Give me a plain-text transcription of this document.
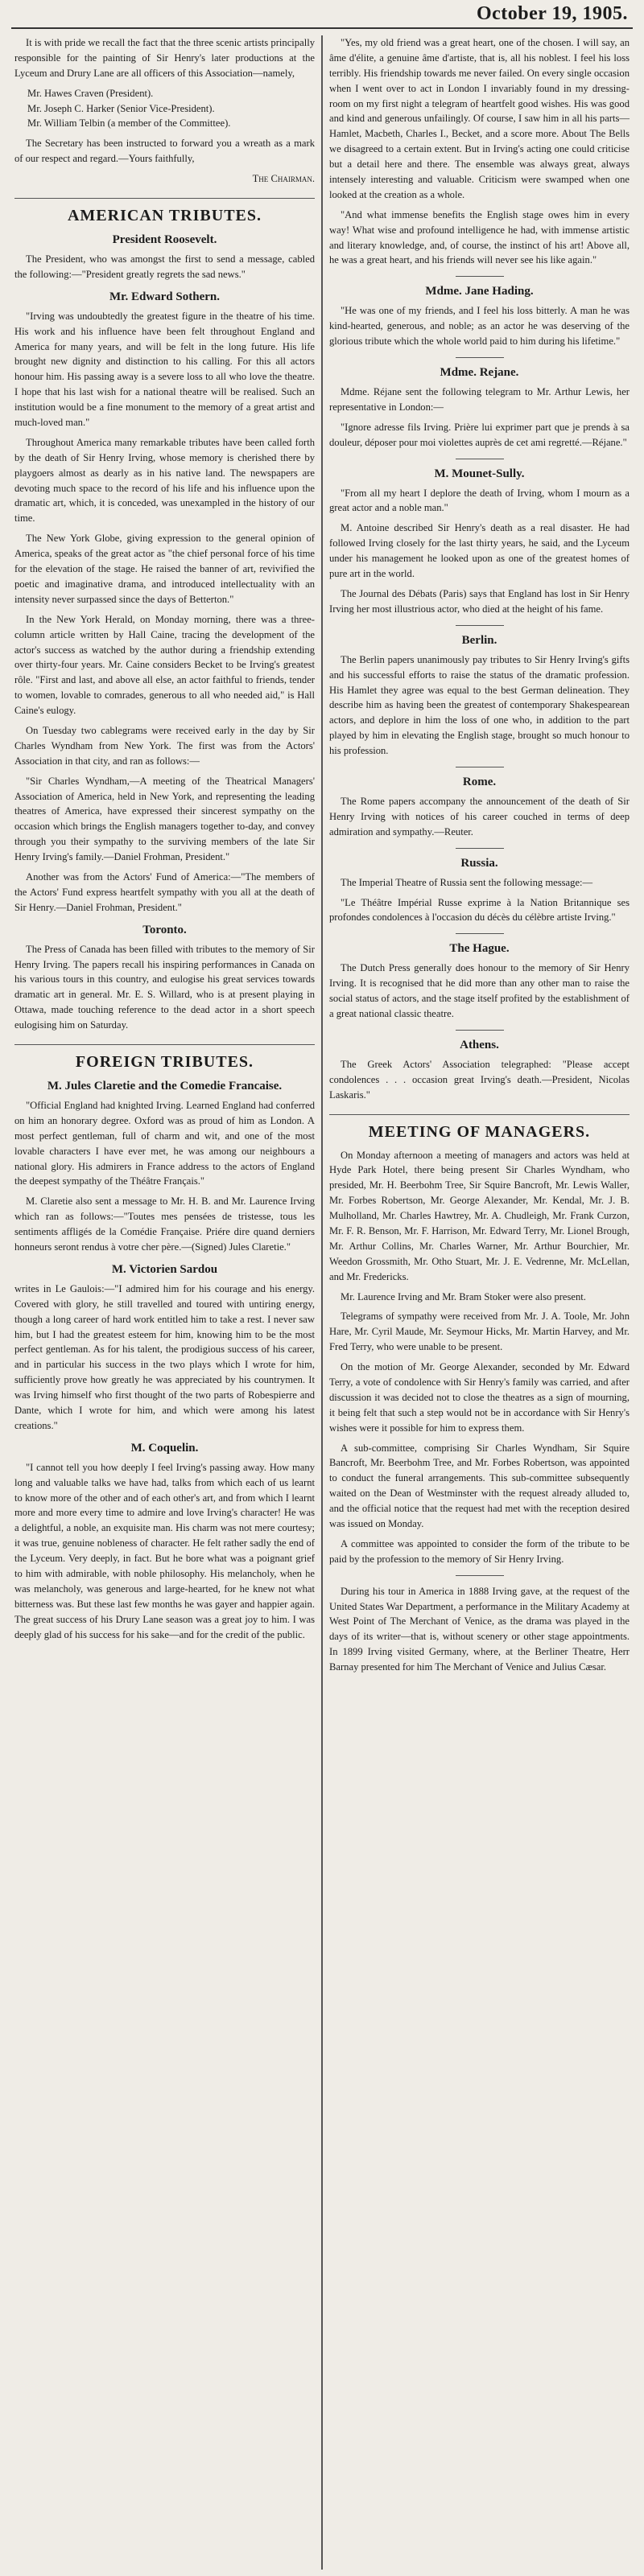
October 19, 1905.

It is with pride we recall the fact that the three scenic artists principally responsible for the painting of Sir Henry's later productions at the Lyceum and Drury Lane are all officers of this Association—namely,

Mr. Hawes Craven (President).
Mr. Joseph C. Harker (Senior Vice-President).
Mr. William Telbin (a member of the Committee).

The Secretary has been instructed to forward you a wreath as a mark of our respect and regard.—Yours faithfully,

The Chairman.
AMERICAN TRIBUTES.
President Roosevelt.

The President, who was amongst the first to send a message, cabled the following:—"President greatly regrets the sad news."

Mr. Edward Sothern.

"Irving was undoubtedly the greatest figure in the theatre of his time. His work and his influence have been felt throughout England and America for many years, and will be felt in the long future. His life brought new dignity and distinction to his calling. For this all actors honour him. His passing away is a severe loss to all who love the theatre. I hope that his last wish for a national theatre will be realised. Such an institution would be a fine monument to the memory of a great artist and much-loved man."

Throughout America many remarkable tributes have been called forth by the death of Sir Henry Irving, whose memory is cherished there by playgoers almost as dearly as in his native land. The newspapers are devoting much space to the record of his life and his influence upon the dramatic art, which, it is conceded, was unexampled in the history of our time.

The New York Globe, giving expression to the general opinion of America, speaks of the great actor as "the chief personal force of his time for the elevation of the stage. He raised the banner of art, revivified the poetic and imaginative drama, and introduced intellectuality with an intensity never surpassed since the days of Betterton."

In the New York Herald, on Monday morning, there was a three-column article written by Hall Caine, tracing the development of the actor's success as watched by the author during a friendship extending over thirty-four years. Mr. Caine considers Becket to be Irving's greatest rôle. "First and last, and above all else, an actor faithful to friends, tender to women, lovable to comrades, generous to all who needed aid," is Hall Caine's eulogy.

On Tuesday two cablegrams were received early in the day by Sir Charles Wyndham from New York. The first was from the Actors' Association in that city, and ran as follows:—

"Sir Charles Wyndham,—A meeting of the Theatrical Managers' Association of America, held in New York, and representing the leading theatres of America, have expressed their sincerest sympathy on the occasion which brings the English managers together to-day, and convey through you their sympathy to the surviving members of the late Sir Henry Irving's family.—Daniel Frohman, President."

Another was from the Actors' Fund of America:—"The members of the Actors' Fund express heartfelt sympathy with you all at the death of Sir Henry.—Daniel Frohman, President."

Toronto.

The Press of Canada has been filled with tributes to the memory of Sir Henry Irving. The papers recall his inspiring performances in Canada on his various tours in this country, and eulogise his great services towards dramatic art in general. Mr. E. S. Willard, who is at present playing in Ottawa, made touching reference to the dead actor in a short speech eulogising him on Saturday.

FOREIGN TRIBUTES.
M. Jules Claretie and the Comedie Francaise.

"Official England had knighted Irving. Learned England had conferred on him an honorary degree. Oxford was as proud of him as London. A most perfect gentleman, full of charm and wit, and one of the most lovable characters I have ever met, he was among our neighbours a national glory. His admirers in France address to the actors of England the deepest sympathy of the Théâtre Français."

M. Claretie also sent a message to Mr. H. B. and Mr. Laurence Irving which ran as follows:—"Toutes mes pensées de tristesse, tous les sentiments affligés de la Comédie Française. Priére dire quand derniers honneurs seront rendus à votre cher père.—(Signed) Jules Claretie."

M. Victorien Sardou

writes in Le Gaulois:—"I admired him for his courage and his energy. Covered with glory, he still travelled and toured with untiring energy, though a long career of hard work entitled him to take a rest. I never saw him, but I had the greatest esteem for him, knowing him to be the most perfect gentleman. As for his talent, the prodigious success of his career, and in particular his success in the two plays which I wrote for him, sufficiently prove how greatly he was appreciated by his countrymen. It was Irving himself who first thought of the two parts of Robespierre and Dante, which I wrote for him, and which were among his latest creations."

M. Coquelin.

"I cannot tell you how deeply I feel Irving's passing away. How many long and valuable talks we have had, talks from which each of us learnt to know more of the other and of each other's art, and from which I learnt more and more every time to admire and love Irving's character! He was a delightful, a noble, an exquisite man. His charm was not mere courtesy; it was true, genuine nobleness of character. He felt rather sadly the end of the Lyceum. Very deeply, in fact. But he bore what was a poignant grief to him with admirable, with noble philosophy. His melancholy, when he was melancholy, was generous and large-hearted, for he knew not what bitterness was. But these last few months he was gayer and happier again. The great success of his Drury Lane season was a great joy to him. I was deeply glad of his success for his sake—and for the credit of the public.

"Yes, my old friend was a great heart, one of the chosen. I will say, an âme d'élite, a genuine âme d'artiste, that is, all his noblest. I feel his loss terribly. His friendship towards me never failed. On every single occasion when I went over to act in London I invariably found in my dressing-room on my first night a telegram of heartfelt good wishes. His was good and kind and generous unfailingly. Of course, I saw him in all his parts—Hamlet, Macbeth, Charles I., Becket, and a score more. About The Bells we disagreed to a certain extent. But in Irving's acting one could criticise but a detail here and there. The ensemble was always great, always intensely interesting and valuable. Criticism were swamped when one looked at the creation as a whole.

"And what immense benefits the English stage owes him in every way! What wise and profound intelligence he had, with immense artistic and literary knowledge, and, of course, the instinct of his art! Above all, he was a great heart, and his friends will never see his like again."

Mdme. Jane Hading.

"He was one of my friends, and I feel his loss bitterly. A man he was kind-hearted, generous, and noble; as an actor he was deserving of the glorious tribute which the whole world paid to him during his lifetime."

Mdme. Rejane.

Mdme. Réjane sent the following telegram to Mr. Arthur Lewis, her representative in London:—

"Ignore adresse fils Irving. Prière lui exprimer part que je prends à sa douleur, déposer pour moi violettes auprès de cet ami regretté.—Réjane."

M. Mounet-Sully.

"From all my heart I deplore the death of Irving, whom I mourn as a great actor and a noble man."

M. Antoine described Sir Henry's death as a real disaster. He had followed Irving closely for the last thirty years, he said, and the Lyceum under his management he looked upon as one of the greatest homes of pure art in the world.

The Journal des Débats (Paris) says that England has lost in Sir Henry Irving her most illustrious actor, who died at the height of his fame.

Berlin.

The Berlin papers unanimously pay tributes to Sir Henry Irving's gifts and his successful efforts to raise the status of the dramatic profession. His Hamlet they agree was equal to the best German delineation. They describe him as having been the greatest of contemporary Shakespearean actors, and deplore in him the loss of one who, in addition to the part played by him in elevating the English stage, brought so much honour to his profession.

Rome.

The Rome papers accompany the announcement of the death of Sir Henry Irving with notices of his career couched in terms of deep admiration and sympathy.—Reuter.

Russia.

The Imperial Theatre of Russia sent the following message:—

"Le Théâtre Impérial Russe exprime à la Nation Britannique ses profondes condolences à l'occasion du décès du célèbre artiste Irving."

The Hague.

The Dutch Press generally does honour to the memory of Sir Henry Irving. It is recognised that he did more than any other man to raise the social status of actors, and the stage itself profited by the establishment of a great national classic theatre.

Athens.

The Greek Actors' Association telegraphed: "Please accept condolences . . . occasion great Irving's death.—President, Nicolas Laskaris."

MEETING OF MANAGERS.

On Monday afternoon a meeting of managers and actors was held at Hyde Park Hotel, there being present Sir Charles Wyndham, who presided, Mr. H. Beerbohm Tree, Sir Squire Bancroft, Mr. Lewis Waller, Mr. Forbes Robertson, Mr. George Alexander, Mr. Kendal, Mr. J. B. Mulholland, Mr. Charles Hawtrey, Mr. A. Chudleigh, Mr. Frank Curzon, Mr. F. R. Benson, Mr. F. Harrison, Mr. Edward Terry, Mr. Lionel Brough, Mr. Arthur Collins, Mr. Charles Warner, Mr. Arthur Bourchier, Mr. Weedon Grossmith, Mr. Otho Stuart, Mr. J. E. Vedrenne, Mr. McLellan, and Mr. Fredericks.

Mr. Laurence Irving and Mr. Bram Stoker were also present.

Telegrams of sympathy were received from Mr. J. A. Toole, Mr. John Hare, Mr. Cyril Maude, Mr. Seymour Hicks, Mr. Martin Harvey, and Mr. Fred Terry, who were unable to be present.

On the motion of Mr. George Alexander, seconded by Mr. Edward Terry, a vote of condolence with Sir Henry's family was carried, and after discussion it was decided not to close the theatres as a sign of mourning, it being felt that such a step would not be in accordance with Sir Henry's wishes were it possible for him to express them.

A sub-committee, comprising Sir Charles Wyndham, Sir Squire Bancroft, Mr. Beerbohm Tree, and Mr. Forbes Robertson, was appointed to conduct the funeral arrangements. This sub-committee subsequently waited on the Dean of Westminster with the request already alluded to, and the official notice that the request had met with the reception desired was issued on Monday.

A committee was appointed to consider the form of the tribute to be paid by the profession to the memory of Sir Henry Irving.

During his tour in America in 1888 Irving gave, at the request of the United States War Department, a performance in the Military Academy at West Point of The Merchant of Venice, as the drama was played in the days of its writer—that is, without scenery or other stage appointments. In 1899 Irving visited Germany, where, at the Berliner Theatre, Herr Barnay presented for him The Merchant of Venice and Julius Cæsar.
